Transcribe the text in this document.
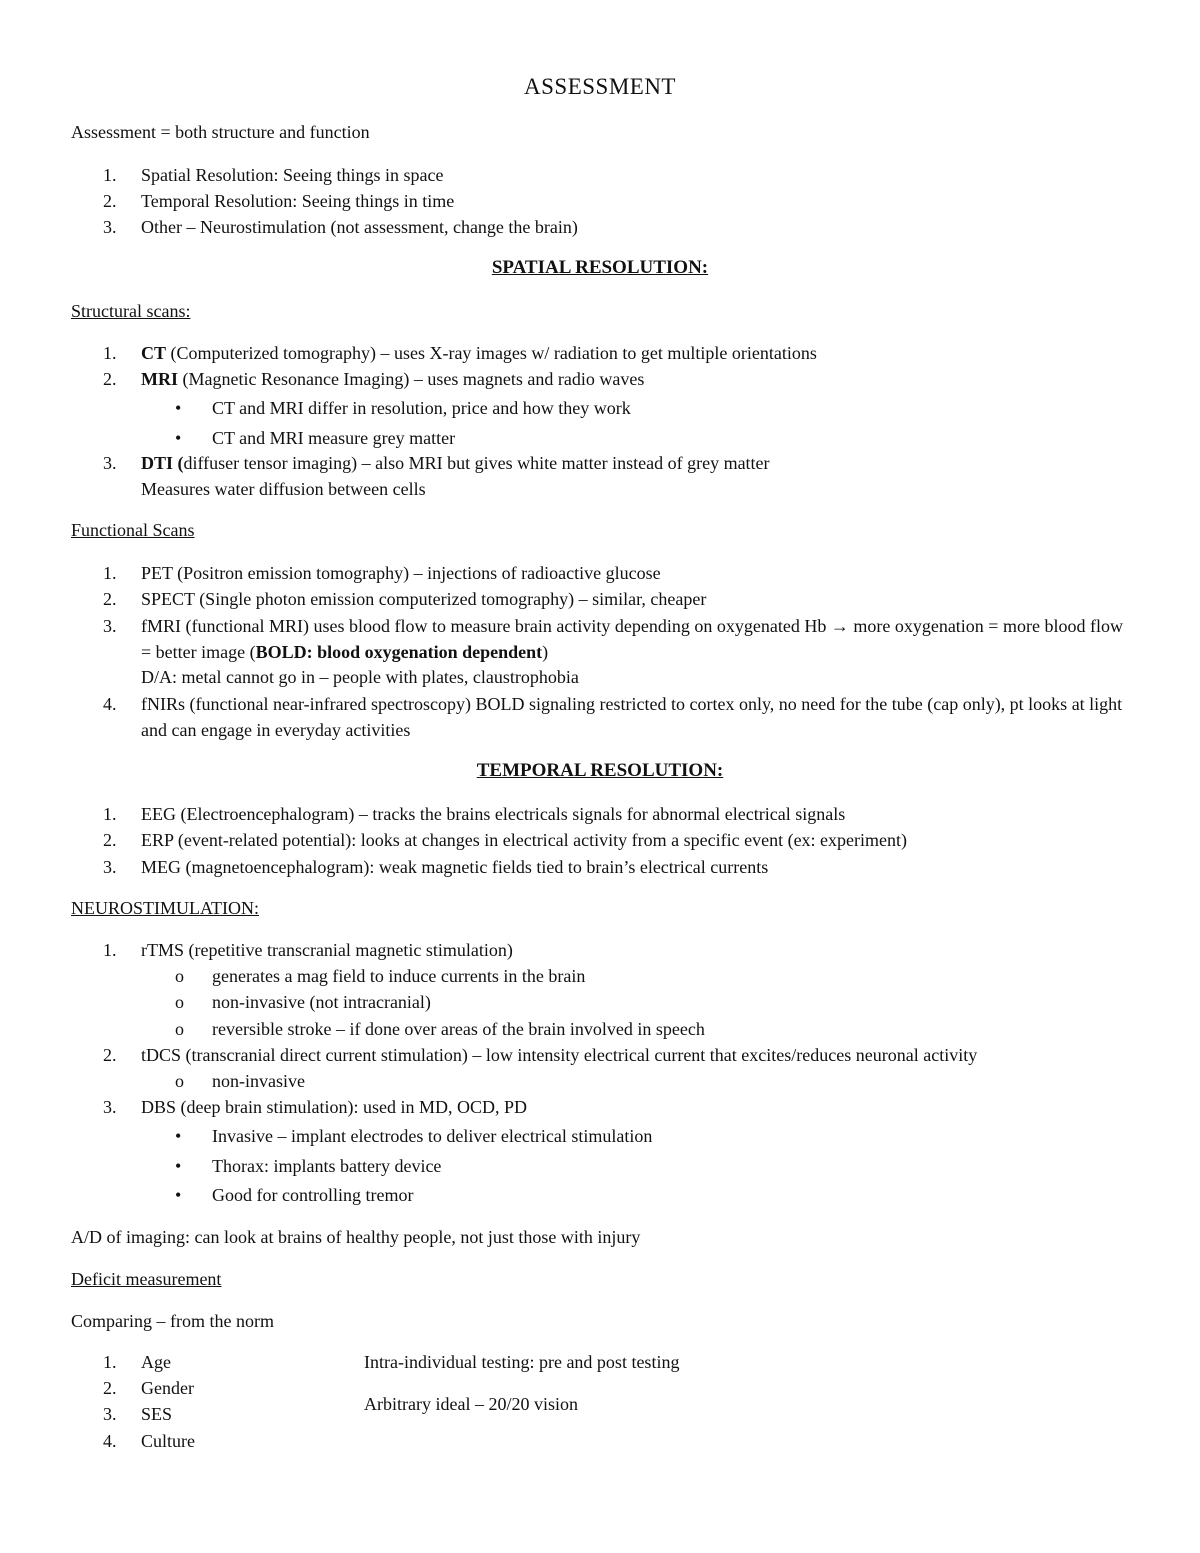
ASSESSMENT
Assessment = both structure and function
1. Spatial Resolution: Seeing things in space
2. Temporal Resolution: Seeing things in time
3. Other – Neurostimulation (not assessment, change the brain)
SPATIAL RESOLUTION:
Structural scans:
1. CT (Computerized tomography) – uses X-ray images w/ radiation to get multiple orientations
2. MRI (Magnetic Resonance Imaging) – uses magnets and radio waves
• CT and MRI differ in resolution, price and how they work
• CT and MRI measure grey matter
3. DTI (diffuser tensor imaging) – also MRI but gives white matter instead of grey matter
Measures water diffusion between cells
Functional Scans
1. PET (Positron emission tomography) – injections of radioactive glucose
2. SPECT (Single photon emission computerized tomography) – similar, cheaper
3. fMRI (functional MRI) uses blood flow to measure brain activity depending on oxygenated Hb → more oxygenation = more blood flow = better image (BOLD: blood oxygenation dependent)
D/A: metal cannot go in – people with plates, claustrophobia
4. fNIRs (functional near-infrared spectroscopy) BOLD signaling restricted to cortex only, no need for the tube (cap only), pt looks at light and can engage in everyday activities
TEMPORAL RESOLUTION:
1. EEG (Electroencephalogram) – tracks the brains electricals signals for abnormal electrical signals
2. ERP (event-related potential): looks at changes in electrical activity from a specific event (ex: experiment)
3. MEG (magnetoencephalogram): weak magnetic fields tied to brain’s electrical currents
NEUROSTIMULATION:
1. rTMS (repetitive transcranial magnetic stimulation)
o generates a mag field to induce currents in the brain
o non-invasive (not intracranial)
o reversible stroke – if done over areas of the brain involved in speech
2. tDCS (transcranial direct current stimulation) – low intensity electrical current that excites/reduces neuronal activity
o non-invasive
3. DBS (deep brain stimulation): used in MD, OCD, PD
• Invasive – implant electrodes to deliver electrical stimulation
• Thorax: implants battery device
• Good for controlling tremor
A/D of imaging: can look at brains of healthy people, not just those with injury
Deficit measurement
Comparing – from the norm
1. Age
2. Gender
3. SES
4. Culture
Intra-individual testing: pre and post testing
Arbitrary ideal – 20/20 vision
